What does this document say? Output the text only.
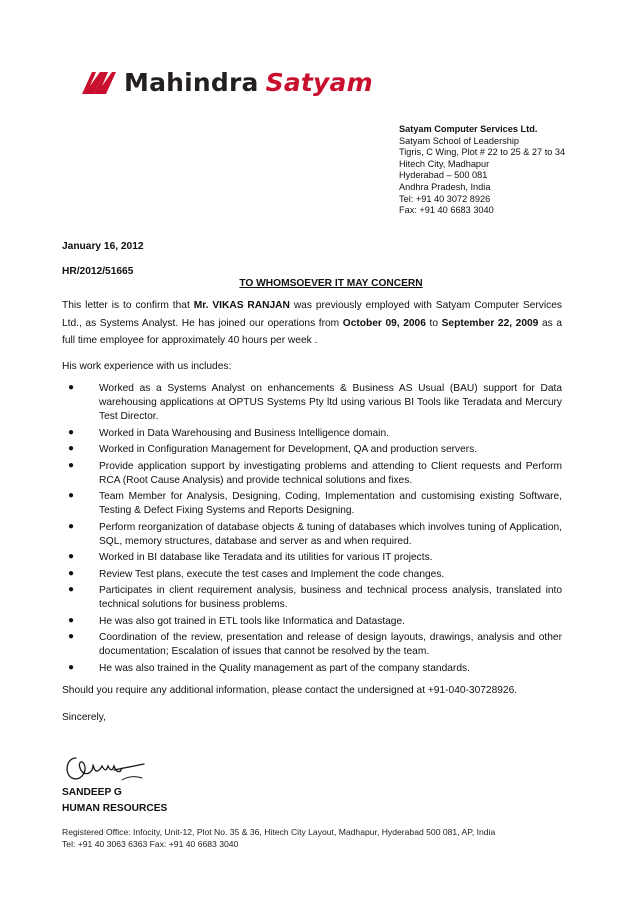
Mahindra Satyam
Satyam Computer Services Ltd.
Satyam School of Leadership
Tigris, C Wing, Plot # 22 to 25 & 27 to 34
Hitech City, Madhapur
Hyderabad – 500 081
Andhra Pradesh, India
Tel: +91 40 3072 8926
Fax: +91 40 6683 3040
January 16, 2012
HR/2012/51665
TO WHOMSOEVER IT MAY CONCERN
This letter is to confirm that Mr. VIKAS RANJAN was previously employed with Satyam Computer Services Ltd., as Systems Analyst. He has joined our operations from October 09, 2006 to September 22, 2009 as a full time employee for approximately 40 hours per week .
His work experience with us includes:
● Worked as a Systems Analyst on enhancements & Business AS Usual (BAU) support for Data warehousing applications at OPTUS Systems Pty ltd using various BI Tools like Teradata and Mercury Test Director.
● Worked in Data Warehousing and Business Intelligence domain.
● Worked in Configuration Management for Development, QA and production servers.
● Provide application support by investigating problems and attending to Client requests and Perform RCA (Root Cause Analysis) and provide technical solutions and fixes.
● Team Member for Analysis, Designing, Coding, Implementation and customising existing Software, Testing & Defect Fixing Systems and Reports Designing.
● Perform reorganization of database objects & tuning of databases which involves tuning of Application, SQL, memory structures, database and server as and when required.
● Worked in BI database like Teradata and its utilities for various IT projects.
● Review Test plans, execute the test cases and Implement the code changes.
● Participates in client requirement analysis, business and technical process analysis, translated into technical solutions for business problems.
● He was also got trained in ETL tools like Informatica and Datastage.
● Coordination of the review, presentation and release of design layouts, drawings, analysis and other documentation; Escalation of issues that cannot be resolved by the team.
● He was also trained in the Quality management as part of the company standards.
Should you require any additional information, please contact the undersigned at +91-040-30728926.
Sincerely,
SANDEEP G
HUMAN RESOURCES
Registered Office: Infocity, Unit-12, Plot No. 35 & 36, Hitech City Layout, Madhapur, Hyderabad 500 081, AP, India
Tel: +91 40 3063 6363 Fax: +91 40 6683 3040
